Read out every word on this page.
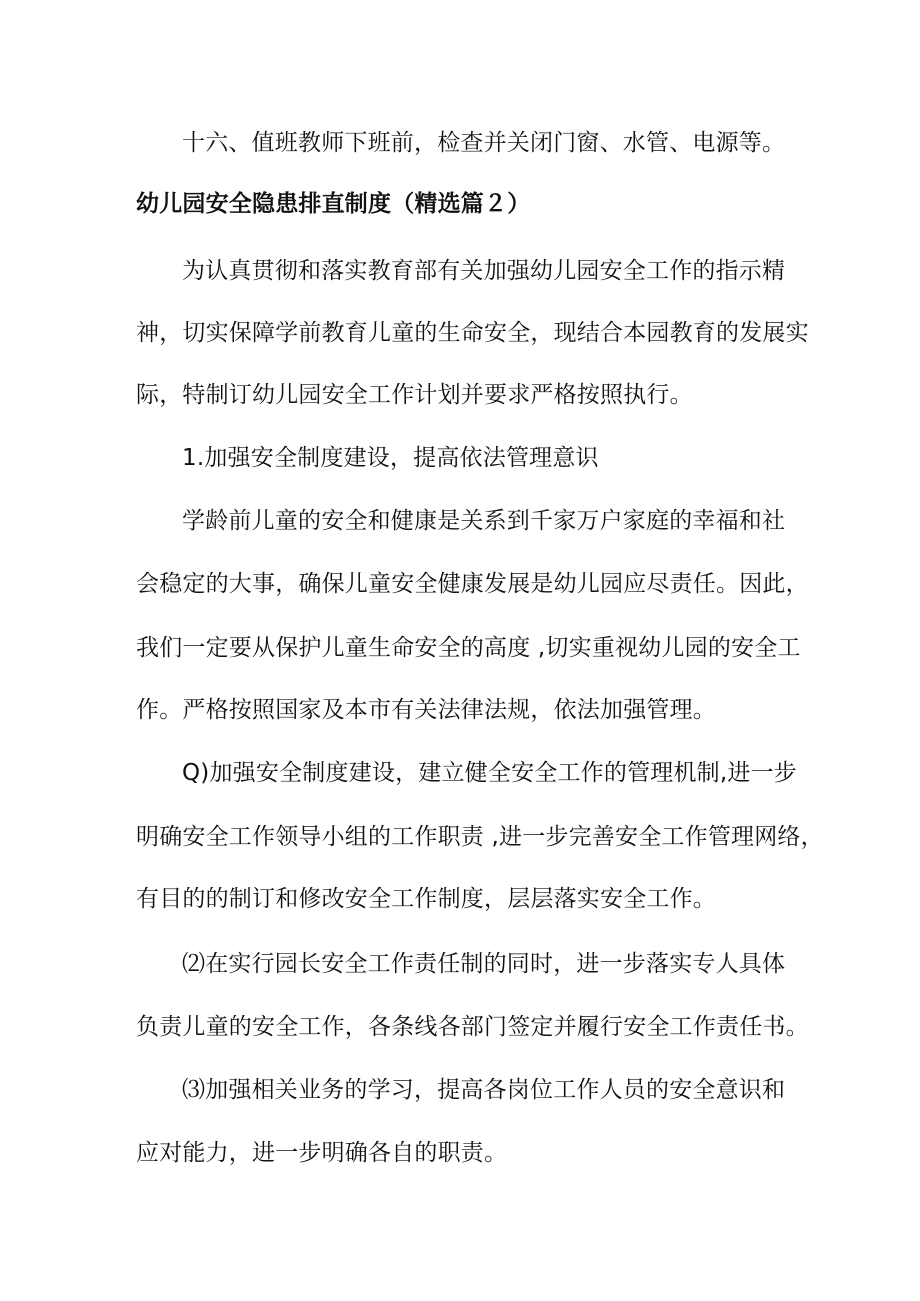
十六、值班教师下班前，检查并关闭门窗、水管、电源等。
幼儿园安全隐患排直制度（精选篇２）
为认真贯彻和落实教育部有关加强幼儿园安全工作的指示精
神，切实保障学前教育儿童的生命安全，现结合本园教育的发展实
际，特制订幼儿园安全工作计划并要求严格按照执行。
1.加强安全制度建设，提高依法管理意识
学龄前儿童的安全和健康是关系到千家万户家庭的幸福和社
会稳定的大事，确保儿童安全健康发展是幼儿园应尽责任。因此，
我们一定要从保护儿童生命安全的高度 ,切实重视幼儿园的安全工
作。严格按照国家及本市有关法律法规，依法加强管理。
Q)加强安全制度建设，建立健全安全工作的管理机制,进一步
明确安全工作领导小组的工作职责 ,进一步完善安全工作管理网络，
有目的的制订和修改安全工作制度，层层落实安全工作。
⑵在实行园长安全工作责任制的同时，进一步落实专人具体
负责儿童的安全工作，各条线各部门签定并履行安全工作责任书。
⑶加强相关业务的学习，提高各岗位工作人员的安全意识和
应对能力，进一步明确各自的职责。
